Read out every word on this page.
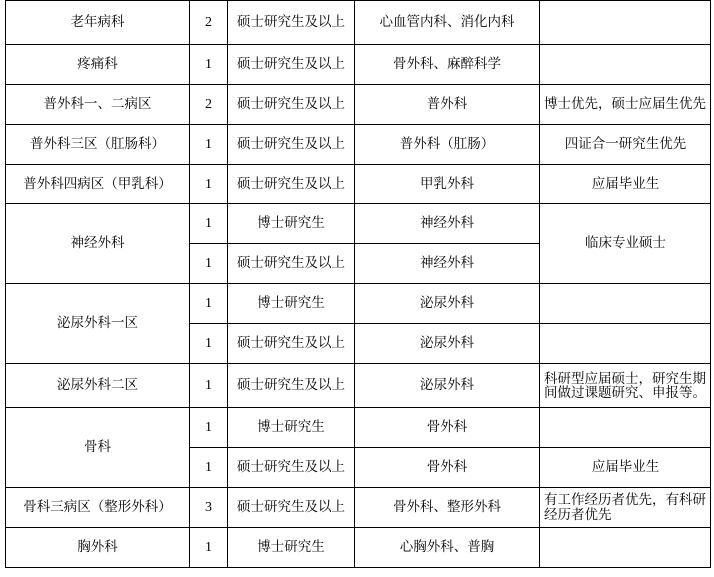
老年病科	2	硕士研究生及以上	心血管内科、消化内科	
疼痛科	1	硕士研究生及以上	骨外科、麻醉科学	
普外科一、二病区	2	硕士研究生及以上	普外科	博士优先，硕士应届生优先
普外科三区（肛肠科）	1	硕士研究生及以上	普外科（肛肠）	四证合一研究生优先
普外科四病区（甲乳科）	1	硕士研究生及以上	甲乳外科	应届毕业生
神经外科	1	博士研究生	神经外科	临床专业硕士
	1	硕士研究生及以上	神经外科	
泌尿外科一区	1	博士研究生	泌尿外科	
	1	硕士研究生及以上	泌尿外科	
泌尿外科二区	1	硕士研究生及以上	泌尿外科	科研型应届硕士，研究生期间做过课题研究、申报等。
骨科	1	博士研究生	骨外科	
	1	硕士研究生及以上	骨外科	应届毕业生
骨科三病区（整形外科）	3	硕士研究生及以上	骨外科、整形外科	有工作经历者优先，有科研经历者优先
胸外科	1	博士研究生	心胸外科、普胸	
